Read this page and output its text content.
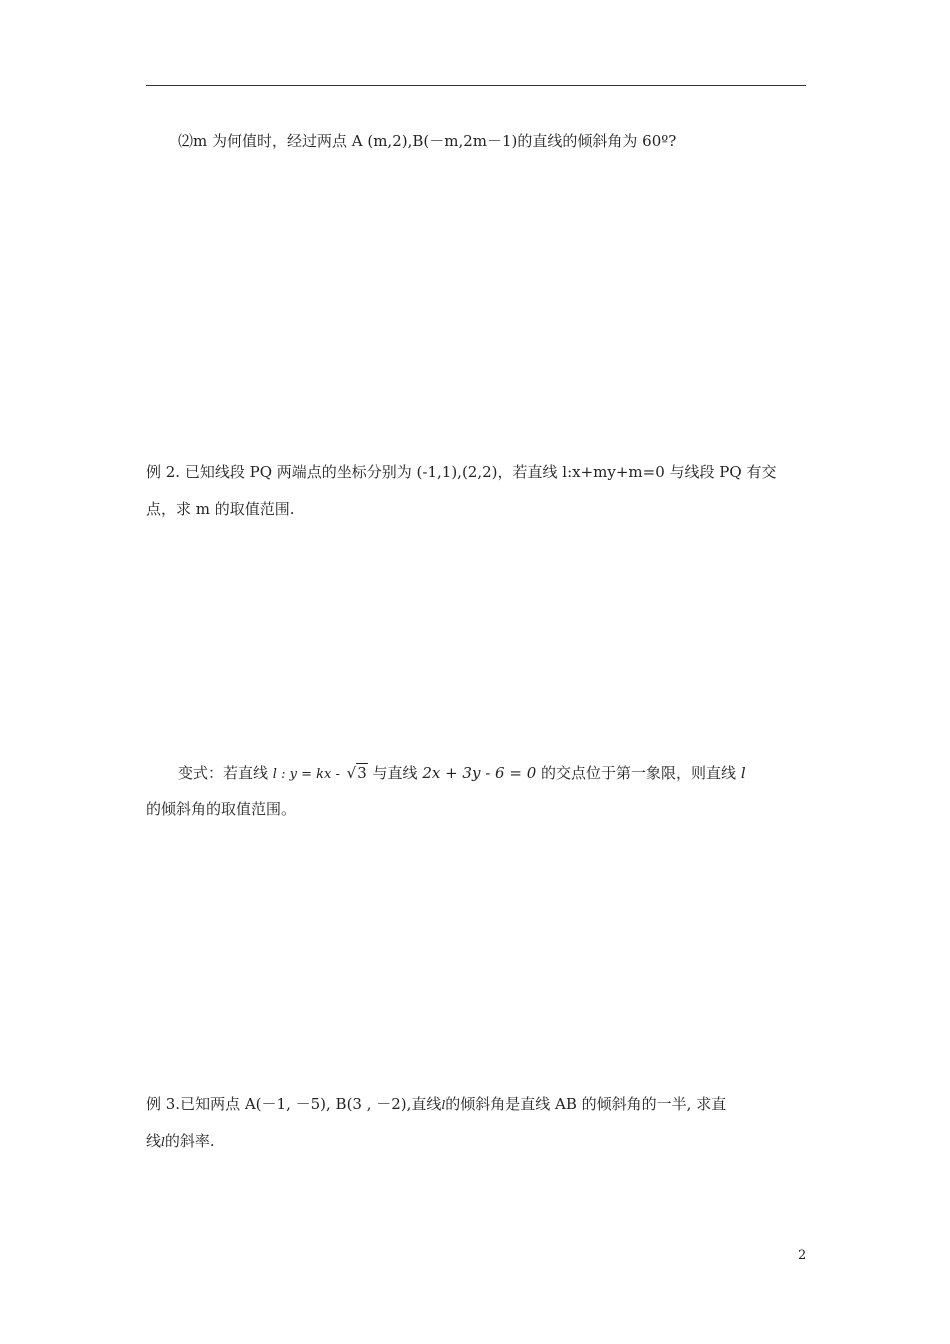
⑵m 为何值时，经过两点 A (m,2),B(－m,2m－1)的直线的倾斜角为 60º?
例 2. 已知线段 PQ 两端点的坐标分别为 (-1,1),(2,2)，若直线 l:x+my+m=0 与线段 PQ 有交
点，求 m 的取值范围.
变式：若直线 l : y = kx - √3 与直线 2x + 3y - 6 = 0 的交点位于第一象限，则直线 l
的倾斜角的取值范围。
例 3.已知两点 A(－1, －5), B(3 , －2),直线l的倾斜角是直线 AB 的倾斜角的一半, 求直
线l的斜率.
2
